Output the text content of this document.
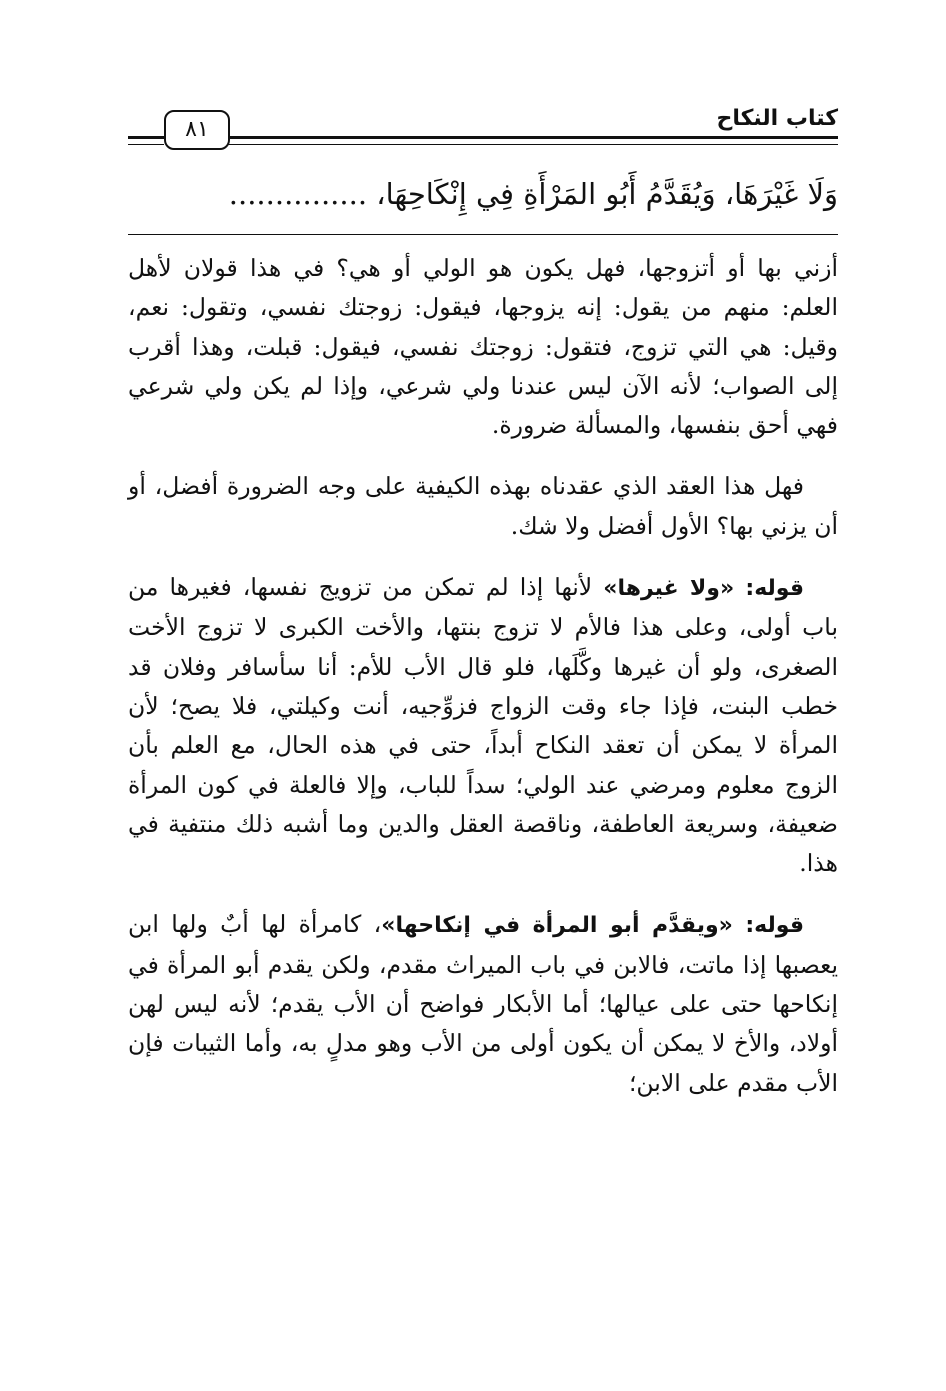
٨١	كتاب النكاح
وَلَا غَيْرَهَا، وَيُقَدَّمُ أَبُو المَرْأَةِ فِي إِنْكَاحِهَا، ...............

أزني بها أو أتزوجها، فهل يكون هو الولي أو هي؟ في هذا قولان لأهل العلم: منهم من يقول: إنه يزوجها، فيقول: زوجتك نفسي، وتقول: نعم، وقيل: هي التي تزوج، فتقول: زوجتك نفسي، فيقول: قبلت، وهذا أقرب إلى الصواب؛ لأنه الآن ليس عندنا ولي شرعي، وإذا لم يكن ولي شرعي فهي أحق بنفسها، والمسألة ضرورة.

فهل هذا العقد الذي عقدناه بهذه الكيفية على وجه الضرورة أفضل، أو أن يزني بها؟ الأول أفضل ولا شك.

قوله: «ولا غيرها» لأنها إذا لم تمكن من تزويج نفسها، فغيرها من باب أولى، وعلى هذا فالأم لا تزوج بنتها، والأخت الكبرى لا تزوج الأخت الصغرى، ولو أن غيرها وكَّلَها، فلو قال الأب للأم: أنا سأسافر وفلان قد خطب البنت، فإذا جاء وقت الزواج فزوِّجيه، أنت وكيلتي، فلا يصح؛ لأن المرأة لا يمكن أن تعقد النكاح أبداً، حتى في هذه الحال، مع العلم بأن الزوج معلوم ومرضي عند الولي؛ سداً للباب، وإلا فالعلة في كون المرأة ضعيفة، وسريعة العاطفة، وناقصة العقل والدين وما أشبه ذلك منتفية في هذا.

قوله: «ويقدَّم أبو المرأة في إنكاحها»، كامرأة لها أبٌ ولها ابن يعصبها إذا ماتت، فالابن في باب الميراث مقدم، ولكن يقدم أبو المرأة في إنكاحها حتى على عيالها؛ أما الأبكار فواضح أن الأب يقدم؛ لأنه ليس لهن أولاد، والأخ لا يمكن أن يكون أولى من الأب وهو مدلٍ به، وأما الثيبات فإن الأب مقدم على الابن؛
